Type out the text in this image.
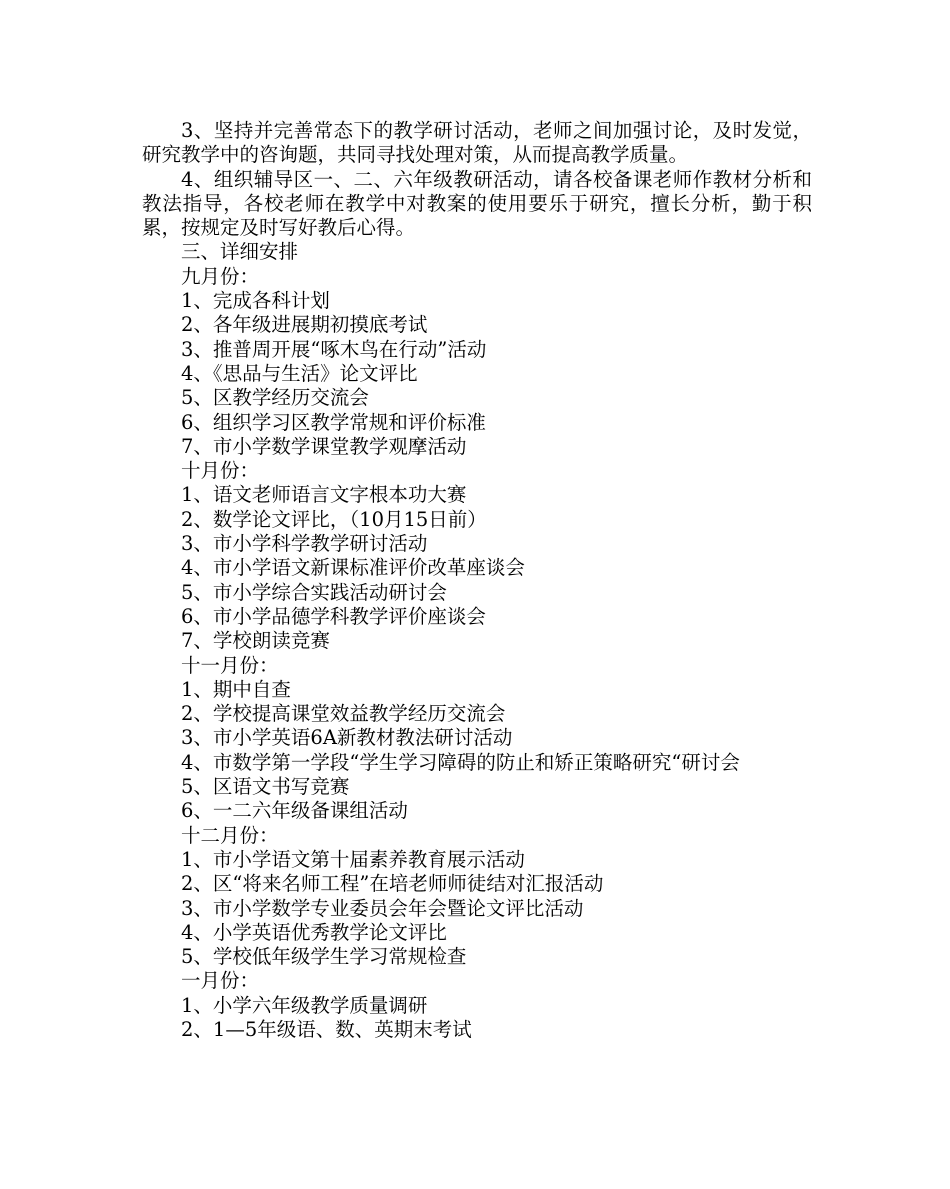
3、坚持并完善常态下的教学研讨活动，老师之间加强讨论，及时发觉，研究教学中的咨询题，共同寻找处理对策，从而提高教学质量。

4、组织辅导区一、二、六年级教研活动，请各校备课老师作教材分析和教法指导，各校老师在教学中对教案的使用要乐于研究，擅长分析，勤于积累，按规定及时写好教后心得。

三、详细安排

九月份：

1、完成各科计划

2、各年级进展期初摸底考试

3、推普周开展“啄木鸟在行动”活动

4、《思品与生活》论文评比

5、区教学经历交流会

6、组织学习区教学常规和评价标准

7、市小学数学课堂教学观摩活动

十月份：

1、语文老师语言文字根本功大赛

2、数学论文评比，（10月15日前）

3、市小学科学教学研讨活动

4、市小学语文新课标准评价改革座谈会

5、市小学综合实践活动研讨会

6、市小学品德学科教学评价座谈会

7、学校朗读竞赛

十一月份：

1、期中自查

2、学校提高课堂效益教学经历交流会

3、市小学英语6A新教材教法研讨活动

4、市数学第一学段“学生学习障碍的防止和矫正策略研究“研讨会

5、区语文书写竞赛

6、一二六年级备课组活动

十二月份：

1、市小学语文第十届素养教育展示活动

2、区“将来名师工程”在培老师师徒结对汇报活动

3、市小学数学专业委员会年会暨论文评比活动

4、小学英语优秀教学论文评比

5、学校低年级学生学习常规检查

一月份：

1、小学六年级教学质量调研

2、1—5年级语、数、英期末考试
